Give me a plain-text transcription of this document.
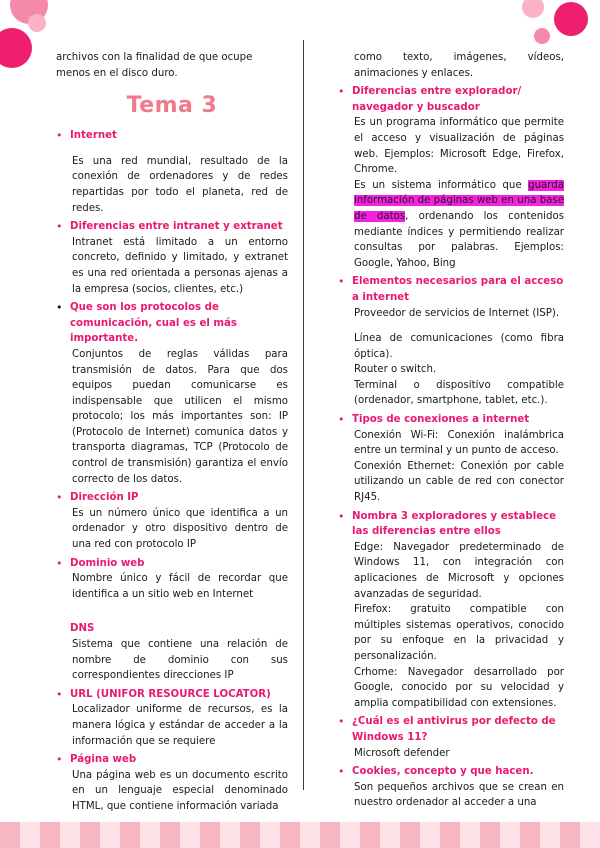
archivos con la finalidad de que ocupe menos en el disco duro.

Tema 3
• Internet

Es una red mundial, resultado de la conexión de ordenadores y de redes repartidas por todo el planeta, red de redes.

• Diferencias entre intranet y extranet

Intranet está limitado a un entorno concreto, definido y limitado, y extranet es una red orientada a personas ajenas a la empresa (socios, clientes, etc.)

• Que son los protocolos de comunicación, cual es el más importante.

Conjuntos de reglas válidas para transmisión de datos. Para que dos equipos puedan comunicarse es indispensable que utilicen el mismo protocolo; los más importantes son: IP (Protocolo de Internet) comunica datos y transporta diagramas, TCP (Protocolo de control de transmisión) garantiza el envío correcto de los datos.

• Dirección IP

Es un número único que identifica a un ordenador y otro dispositivo dentro de una red con protocolo IP

• Dominio web

Nombre único y fácil de recordar que identifica a un sitio web en Internet

DNS

Sistema que contiene una relación de nombre de dominio con sus correspondientes direcciones IP

• URL (UNIFOR RESOURCE LOCATOR)

Localizador uniforme de recursos, es la manera lógica y estándar de acceder a la información que se requiere

• Página web

Una página web es un documento escrito en un lenguaje especial denominado HTML, que contiene información variada

como texto, imágenes, vídeos, animaciones y enlaces.

• Diferencias entre explorador/ navegador y buscador

Es un programa informático que permite el acceso y visualización de páginas web. Ejemplos: Microsoft Edge, Firefox, Chrome.

Es un sistema informático que guarda información de páginas web en una base de datos, ordenando los contenidos mediante índices y permitiendo realizar consultas por palabras. Ejemplos: Google, Yahoo, Bing

• Elementos necesarios para el acceso a internet

Proveedor de servicios de Internet (ISP).

Línea de comunicaciones (como fibra óptica).

Router o switch.

Terminal o dispositivo compatible (ordenador, smartphone, tablet, etc.).

• Tipos de conexiones a internet

Conexión Wi-Fi: Conexión inalámbrica entre un terminal y un punto de acceso.

Conexión Ethernet: Conexión por cable utilizando un cable de red con conector RJ45.

• Nombra 3 exploradores y establece las diferencias entre ellos

Edge: Navegador predeterminado de Windows 11, con integración con aplicaciones de Microsoft y opciones avanzadas de seguridad.

Firefox: gratuito compatible con múltiples sistemas operativos, conocido por su enfoque en la privacidad y personalización.

Crhome: Navegador desarrollado por Google, conocido por su velocidad y amplia compatibilidad con extensiones.

• ¿Cuál es el antivirus por defecto de Windows 11?

Microsoft defender

• Cookies, concepto y que hacen.

Son pequeños archivos que se crean en nuestro ordenador al acceder a una
